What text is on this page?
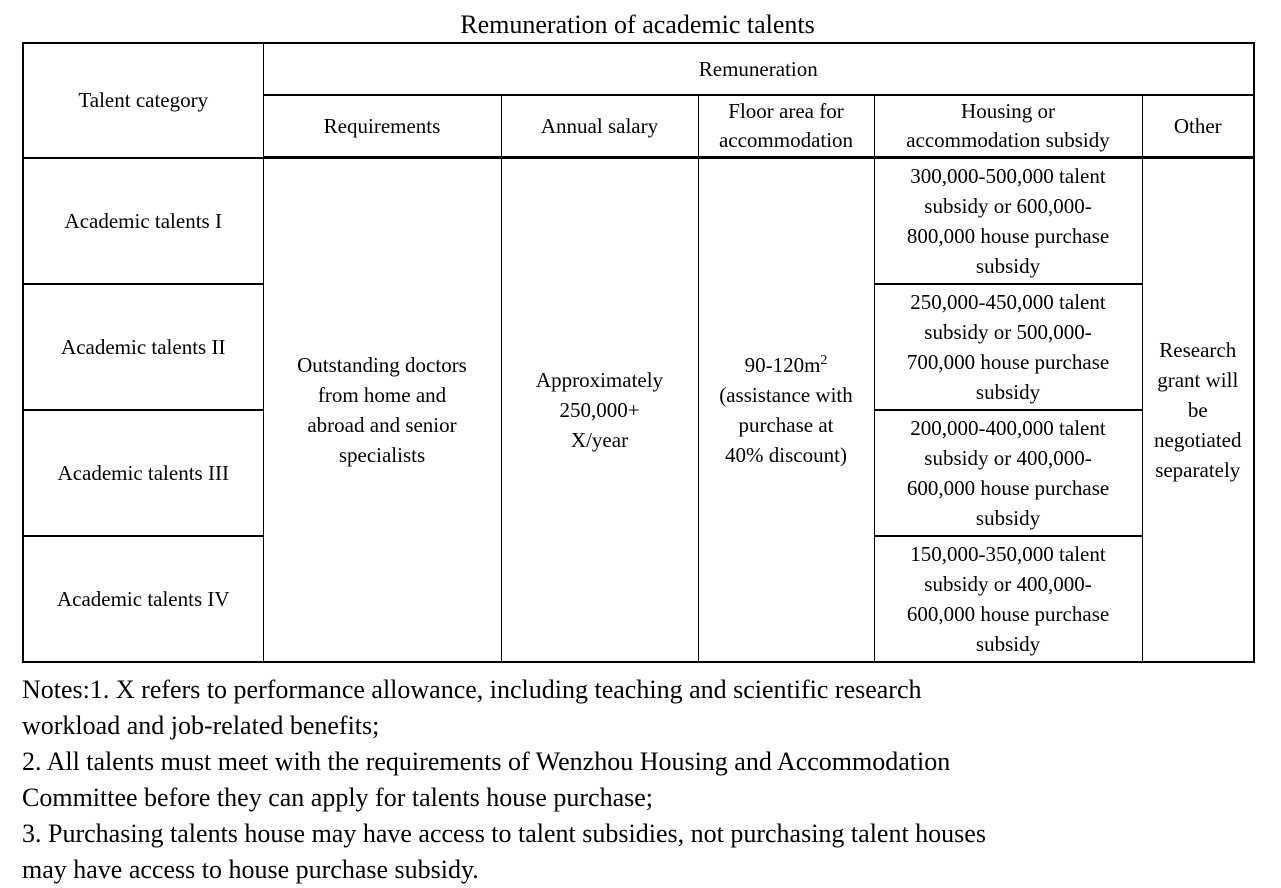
Remuneration of academic talents
Talent category	Remuneration				
	Requirements	Annual salary	Floor area for
accommodation	Housing or
accommodation subsidy	Other
Academic talents I	Outstanding doctors
from home and
abroad and senior
specialists	Approximately
250,000+
X/year	$90-120m^2$
(assistance with
purchase at
40% discount)	300,000-500,000 talent
subsidy or 600,000-
800,000 house purchase
subsidy	Research
grant will
be
negotiated
separately
Academic talents II				250,000-450,000 talent
subsidy or 500,000-
700,000 house purchase
subsidy	
Academic talents III				200,000-400,000 talent
subsidy or 400,000-
600,000 house purchase
subsidy	
Academic talents IV				150,000-350,000 talent
subsidy or 400,000-
600,000 house purchase
subsidy	
Notes:1. X refers to performance allowance, including teaching and scientific research
workload and job-related benefits;
2. All talents must meet with the requirements of Wenzhou Housing and Accommodation
Committee before they can apply for talents house purchase;
3. Purchasing talents house may have access to talent subsidies, not purchasing talent houses
may have access to house purchase subsidy.
